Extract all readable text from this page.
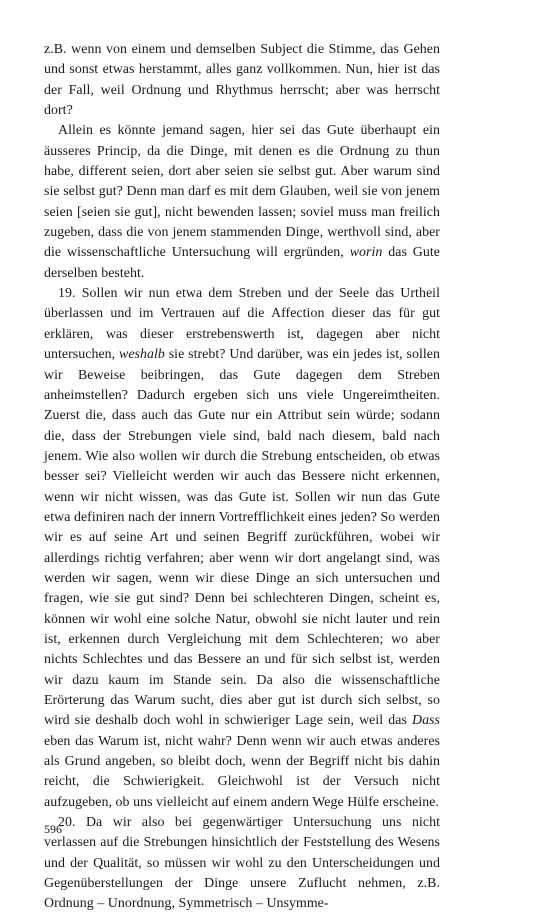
z.B. wenn von einem und demselben Subject die Stimme, das Gehen und sonst etwas herstammt, alles ganz vollkommen. Nun, hier ist das der Fall, weil Ordnung und Rhythmus herrscht; aber was herrscht dort?

Allein es könnte jemand sagen, hier sei das Gute überhaupt ein äusseres Princip, da die Dinge, mit denen es die Ordnung zu thun habe, different seien, dort aber seien sie selbst gut. Aber warum sind sie selbst gut? Denn man darf es mit dem Glauben, weil sie von jenem seien [seien sie gut], nicht bewenden lassen; soviel muss man freilich zugeben, dass die von jenem stammenden Dinge, werthvoll sind, aber die wissenschaftliche Untersuchung will ergründen, worin das Gute derselben besteht.

19. Sollen wir nun etwa dem Streben und der Seele das Urtheil überlassen und im Vertrauen auf die Affection dieser das für gut erklären, was dieser erstrebenswerth ist, dagegen aber nicht untersuchen, weshalb sie strebt? Und darüber, was ein jedes ist, sollen wir Beweise beibringen, das Gute dagegen dem Streben anheimstellen? Dadurch ergeben sich uns viele Ungereimtheiten. Zuerst die, dass auch das Gute nur ein Attribut sein würde; sodann die, dass der Strebungen viele sind, bald nach diesem, bald nach jenem. Wie also wollen wir durch die Strebung entscheiden, ob etwas besser sei? Vielleicht werden wir auch das Bessere nicht erkennen, wenn wir nicht wissen, was das Gute ist. Sollen wir nun das Gute etwa definiren nach der innern Vortrefflichkeit eines jeden? So werden wir es auf seine Art und seinen Begriff zurückführen, wobei wir allerdings richtig verfahren; aber wenn wir dort angelangt sind, was werden wir sagen, wenn wir diese Dinge an sich untersuchen und fragen, wie sie gut sind? Denn bei schlechteren Dingen, scheint es, können wir wohl eine solche Natur, obwohl sie nicht lauter und rein ist, erkennen durch Vergleichung mit dem Schlechteren; wo aber nichts Schlechtes und das Bessere an und für sich selbst ist, werden wir dazu kaum im Stande sein. Da also die wissenschaftliche Erörterung das Warum sucht, dies aber gut ist durch sich selbst, so wird sie deshalb doch wohl in schwieriger Lage sein, weil das Dass eben das Warum ist, nicht wahr? Denn wenn wir auch etwas anderes als Grund angeben, so bleibt doch, wenn der Begriff nicht bis dahin reicht, die Schwierigkeit. Gleichwohl ist der Versuch nicht aufzugeben, ob uns vielleicht auf einem andern Wege Hülfe erscheine.

20. Da wir also bei gegenwärtiger Untersuchung uns nicht verlassen auf die Strebungen hinsichtlich der Feststellung des Wesens und der Qualität, so müssen wir wohl zu den Unterscheidungen und Gegenüberstellungen der Dinge unsere Zuflucht nehmen, z.B. Ordnung – Unordnung, Symmetrisch – Unsymme-

596
